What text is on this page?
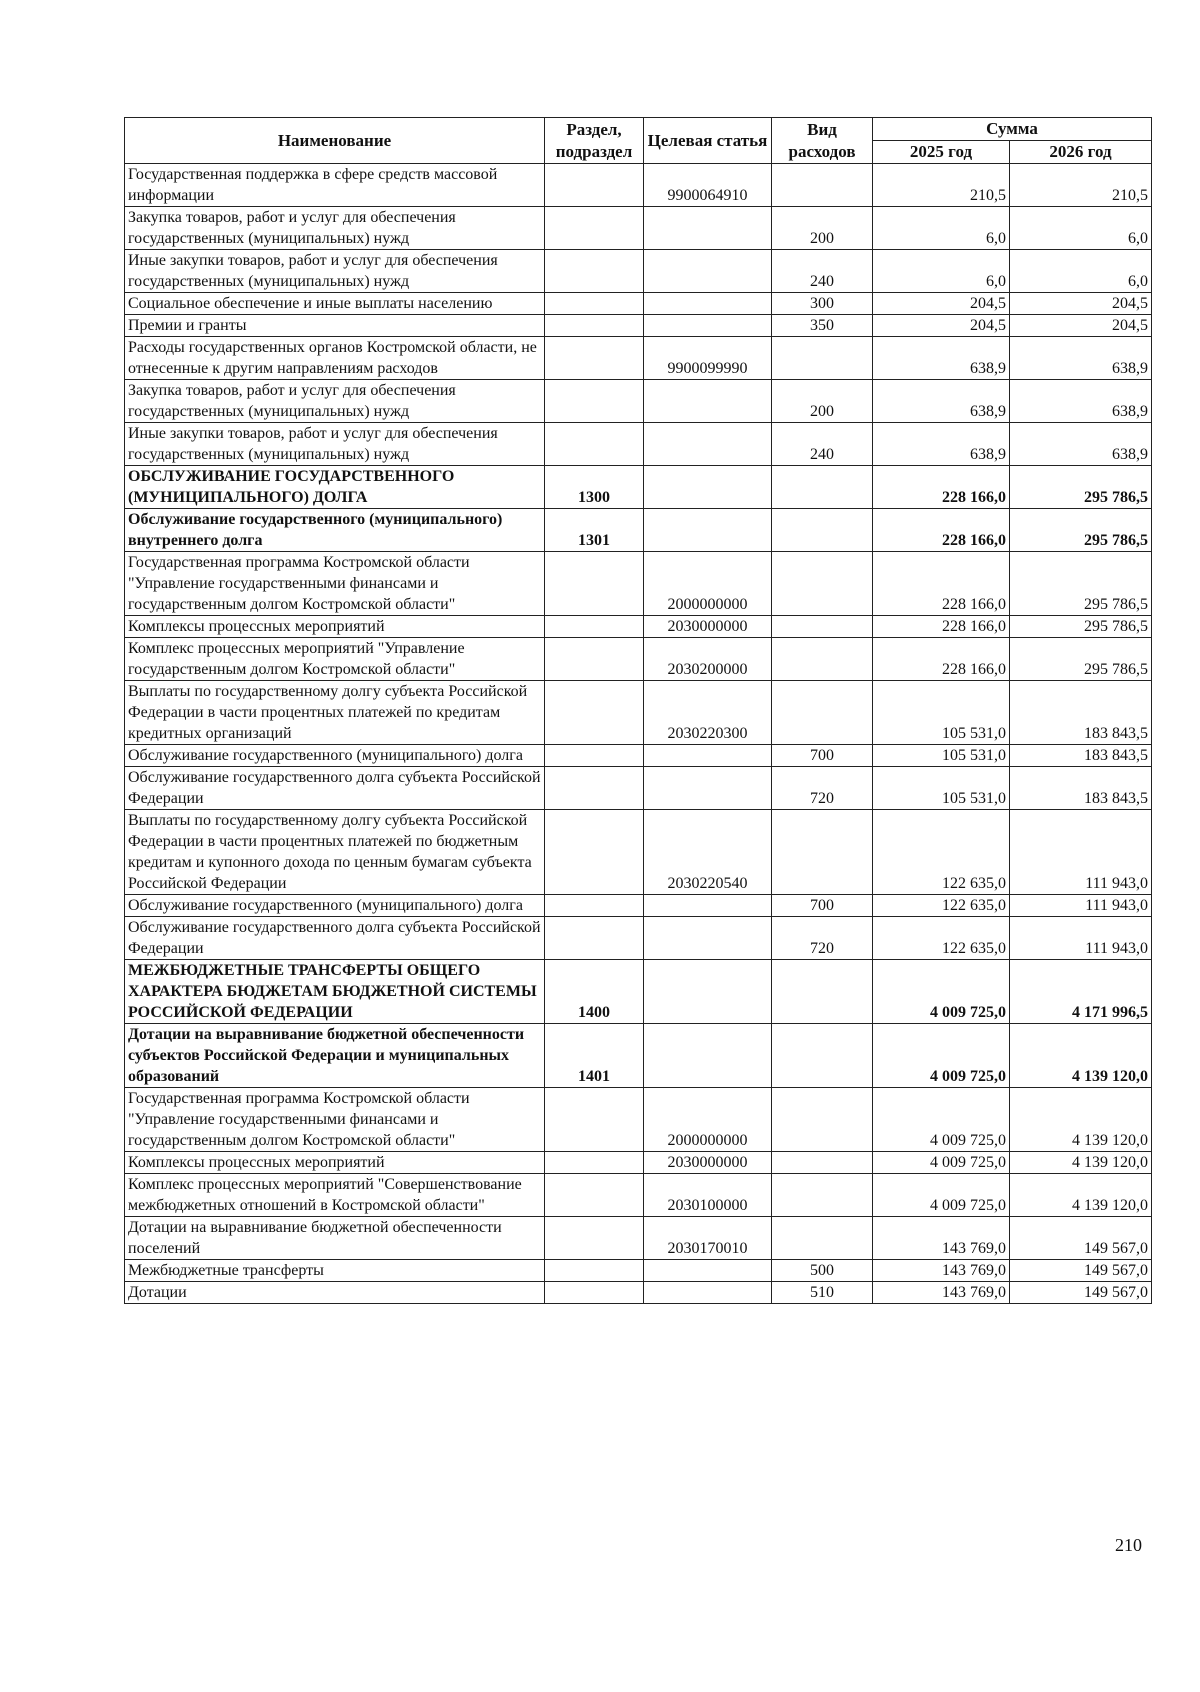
Наименование	Раздел, подраздел	Целевая статья	Вид расходов	Сумма	
				2025 год	2026 год
Государственная поддержка в сфере средств массовой информации		9900064910		210,5	210,5
Закупка товаров, работ и услуг для обеспечения государственных (муниципальных) нужд			200	6,0	6,0
Иные закупки товаров, работ и услуг для обеспечения государственных (муниципальных) нужд			240	6,0	6,0
Социальное обеспечение и иные выплаты населению			300	204,5	204,5
Премии и гранты			350	204,5	204,5
Расходы государственных органов Костромской области, не отнесенные к другим направлениям расходов		9900099990		638,9	638,9
Закупка товаров, работ и услуг для обеспечения государственных (муниципальных) нужд			200	638,9	638,9
Иные закупки товаров, работ и услуг для обеспечения государственных (муниципальных) нужд			240	638,9	638,9
ОБСЛУЖИВАНИЕ ГОСУДАРСТВЕННОГО (МУНИЦИПАЛЬНОГО) ДОЛГА	1300			228 166,0	295 786,5
Обслуживание государственного (муниципального) внутреннего долга	1301			228 166,0	295 786,5
Государственная программа Костромской области "Управление государственными финансами и государственным долгом Костромской области"		2000000000		228 166,0	295 786,5
Комплексы процессных мероприятий		2030000000		228 166,0	295 786,5
Комплекс процессных мероприятий "Управление государственным долгом Костромской области"		2030200000		228 166,0	295 786,5
Выплаты по государственному долгу субъекта Российской Федерации в части процентных платежей по кредитам кредитных организаций		2030220300		105 531,0	183 843,5
Обслуживание государственного (муниципального) долга			700	105 531,0	183 843,5
Обслуживание государственного долга субъекта Российской Федерации			720	105 531,0	183 843,5
Выплаты по государственному долгу субъекта Российской Федерации в части процентных платежей по бюджетным кредитам и купонного дохода по ценным бумагам субъекта Российской Федерации		2030220540		122 635,0	111 943,0
Обслуживание государственного (муниципального) долга			700	122 635,0	111 943,0
Обслуживание государственного долга субъекта Российской Федерации			720	122 635,0	111 943,0
МЕЖБЮДЖЕТНЫЕ ТРАНСФЕРТЫ ОБЩЕГО ХАРАКТЕРА БЮДЖЕТАМ БЮДЖЕТНОЙ СИСТЕМЫ РОССИЙСКОЙ ФЕДЕРАЦИИ	1400			4 009 725,0	4 171 996,5
Дотации на выравнивание бюджетной обеспеченности субъектов Российской Федерации и муниципальных образований	1401			4 009 725,0	4 139 120,0
Государственная программа Костромской области "Управление государственными финансами и государственным долгом Костромской области"		2000000000		4 009 725,0	4 139 120,0
Комплексы процессных мероприятий		2030000000		4 009 725,0	4 139 120,0
Комплекс процессных мероприятий "Совершенствование межбюджетных отношений в Костромской области"		2030100000		4 009 725,0	4 139 120,0
Дотации на выравнивание бюджетной обеспеченности поселений		2030170010		143 769,0	149 567,0
Межбюджетные трансферты			500	143 769,0	149 567,0
Дотации			510	143 769,0	149 567,0
210
